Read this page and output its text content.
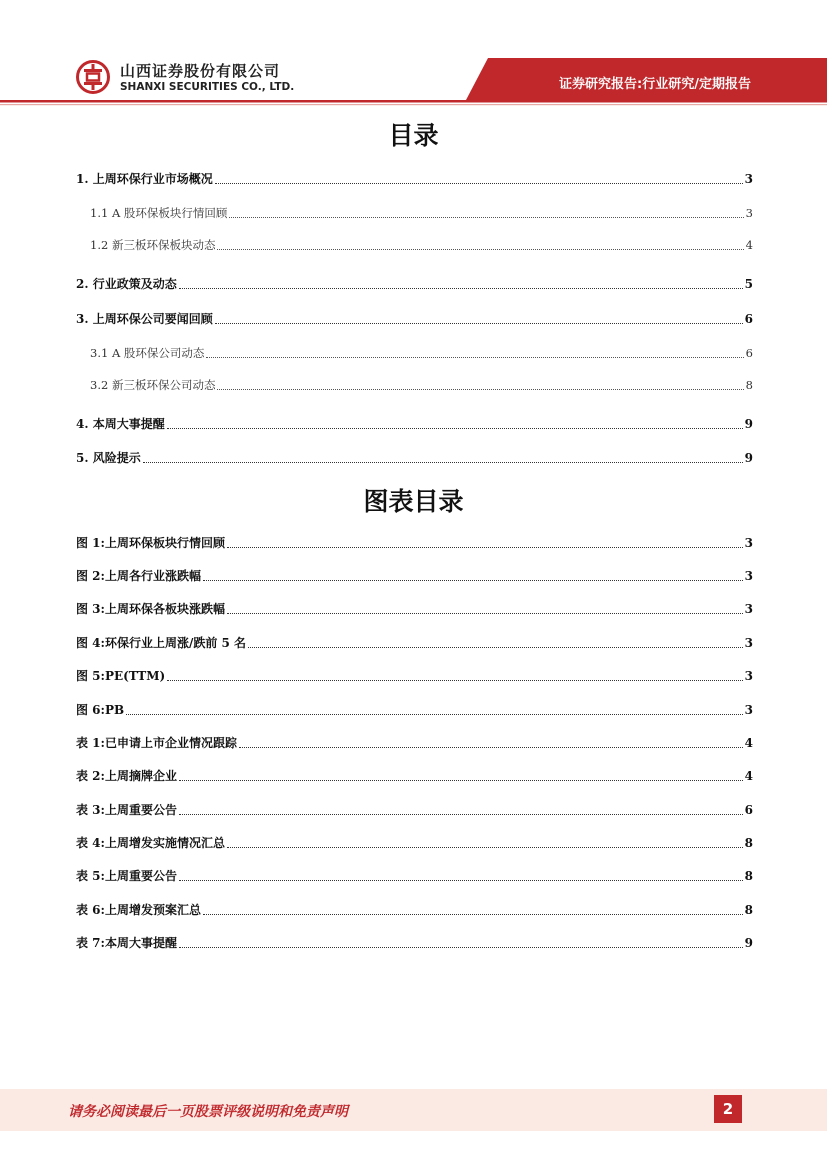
山西证券股份有限公司
SHANXI SECURITIES CO., LTD.	证券研究报告:行业研究/定期报告
目录
1. 上周环保行业市场概况	3
1.1 A 股环保板块行情回顾	3
1.2 新三板环保板块动态	4
2. 行业政策及动态	5
3. 上周环保公司要闻回顾	6
3.1 A 股环保公司动态	6
3.2 新三板环保公司动态	8
4. 本周大事提醒	9
5. 风险提示	9
图表目录
图 1:上周环保板块行情回顾	3
图 2:上周各行业涨跌幅	3
图 3:上周环保各板块涨跌幅	3
图 4:环保行业上周涨/跌前 5 名	3
图 5:PE(TTM)	3
图 6:PB	3
表 1:已申请上市企业情况跟踪	4
表 2:上周摘牌企业	4
表 3:上周重要公告	6
表 4:上周增发实施情况汇总	8
表 5:上周重要公告	8
表 6:上周增发预案汇总	8
表 7:本周大事提醒	9
请务必阅读最后一页股票评级说明和免责声明	2
